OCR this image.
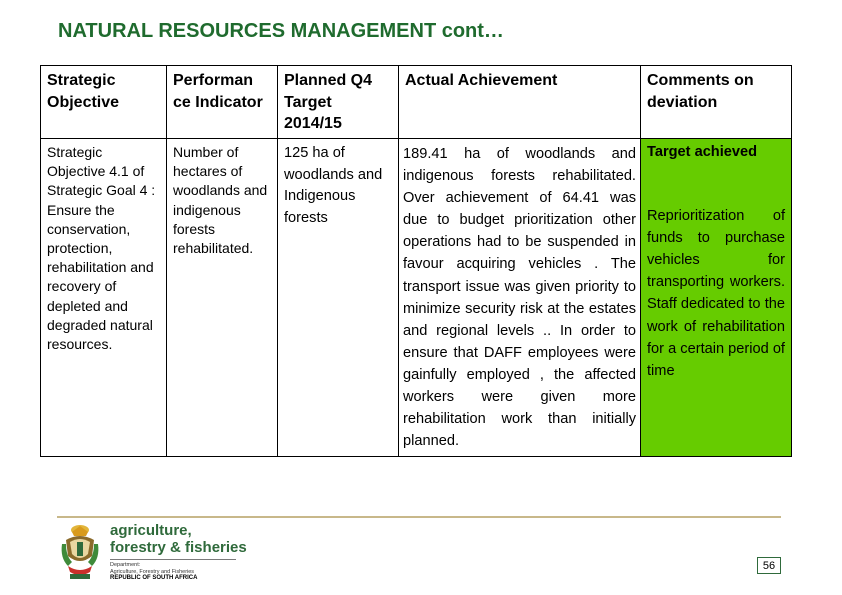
NATURAL RESOURCES MANAGEMENT cont…
Strategic Objective	Performan ce Indicator	Planned Q4 Target 2014/15	Actual Achievement	Comments on deviation
Strategic Objective 4.1 of Strategic Goal 4 : Ensure the conservation, protection, rehabilitation and recovery of depleted and degraded natural resources.	Number of hectares of woodlands and indigenous forests rehabilitated.	125 ha of woodlands and Indigenous forests	189.41 ha of woodlands and indigenous forests rehabilitated. Over achievement of 64.41 was due to budget prioritization other operations had to be suspended in favour acquiring vehicles . The transport issue was given priority to minimize security risk at the estates and regional levels .. In order to ensure that DAFF employees were gainfully employed , the affected workers were given more rehabilitation work than initially planned.	Target achieved
Reprioritization of funds to purchase vehicles for transporting workers. Staff dedicated to the work of rehabilitation for a certain period of time
agriculture,
forestry & fisheries
Department:
Agriculture, Forestry and Fisheries
REPUBLIC OF SOUTH AFRICA
56
